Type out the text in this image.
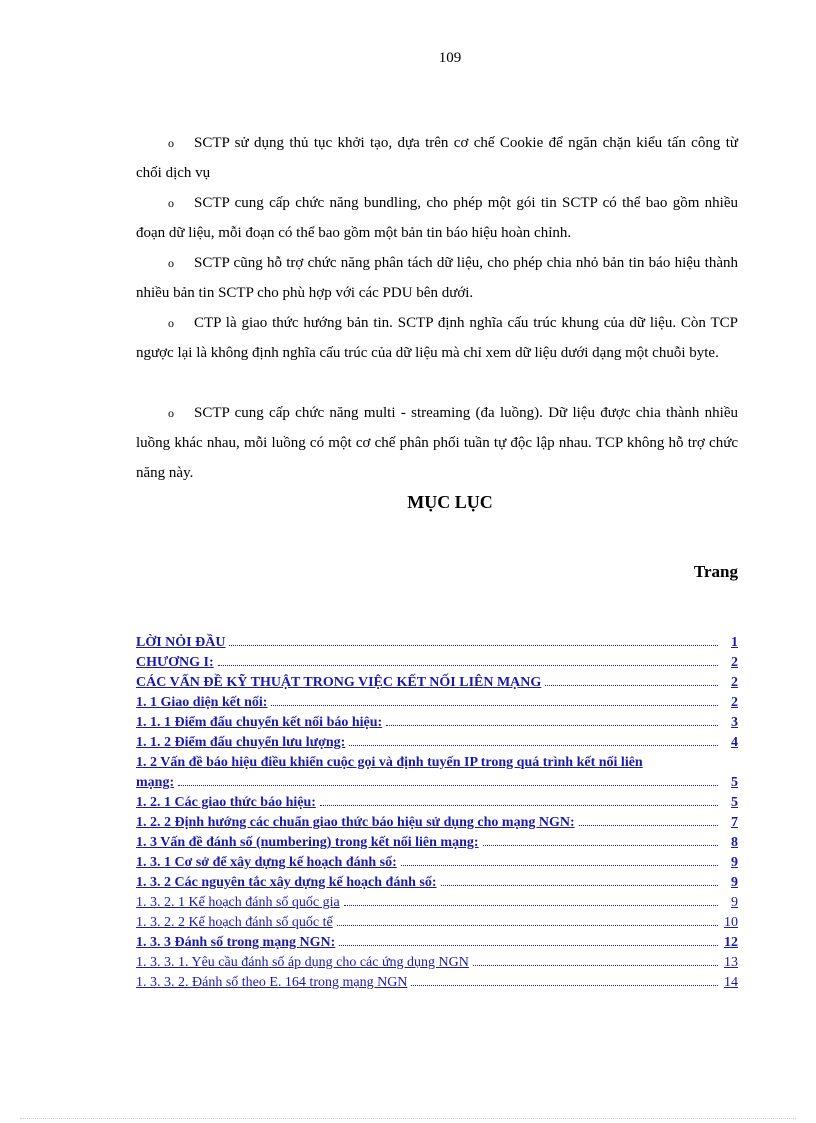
109
o SCTP sử dụng thủ tục khởi tạo, dựa trên cơ chế Cookie để ngăn chặn kiểu tấn công từ chối dịch vụ
o SCTP cung cấp chức năng bundling, cho phép một gói tin SCTP có thể bao gồm nhiều đoạn dữ liệu, mỗi đoạn có thể bao gồm một bản tin báo hiệu hoàn chỉnh.
o SCTP cũng hỗ trợ chức năng phân tách dữ liệu, cho phép chia nhỏ bản tin báo hiệu thành nhiều bản tin SCTP cho phù hợp với các PDU bên dưới.
o CTP là giao thức hướng bản tin. SCTP định nghĩa cấu trúc khung của dữ liệu. Còn TCP ngược lại là không định nghĩa cấu trúc của dữ liệu mà chỉ xem dữ liệu dưới dạng một chuỗi byte.
o SCTP cung cấp chức năng multi - streaming (đa luồng). Dữ liệu được chia thành nhiều luồng khác nhau, mỗi luồng có một cơ chế phân phối tuần tự độc lập nhau. TCP không hỗ trợ chức năng này.
MỤC LỤC
Trang
LỜI NỎI ĐẦU	1
CHƯƠNG I:	2
CÁC VẤN ĐỀ KỸ THUẬT TRONG VIỆC KẾT NỐI LIÊN MẠNG	2
1. 1 Giao diện kết nối:	2
1. 1. 1 Điểm đấu chuyển kết nối báo hiệu:	3
1. 1. 2 Điểm đấu chuyển lưu lượng:	4
1. 2 Vấn đề báo hiệu điều khiển cuộc gọi và định tuyến IP trong quá trình kết nối liên
mạng:	5
1. 2. 1 Các giao thức báo hiệu:	5
1. 2. 2 Định hướng các chuẩn giao thức báo hiệu sử dụng cho mạng NGN:	7
1. 3 Vấn đề đánh số (numbering) trong kết nối liên mạng:	8
1. 3. 1 Cơ sở để xây dựng kế hoạch đánh số:	9
1. 3. 2 Các nguyên tắc xây dựng kế hoạch đánh số:	9
1. 3. 2. 1 Kế hoạch đánh số quốc gia	9
1. 3. 2. 2 Kế hoạch đánh số quốc tế	10
1. 3. 3 Đánh số trong mạng NGN:	12
1. 3. 3. 1. Yêu cầu đánh số áp dụng cho các ứng dụng NGN	13
1. 3. 3. 2. Đánh số theo E. 164 trong mạng NGN	14
